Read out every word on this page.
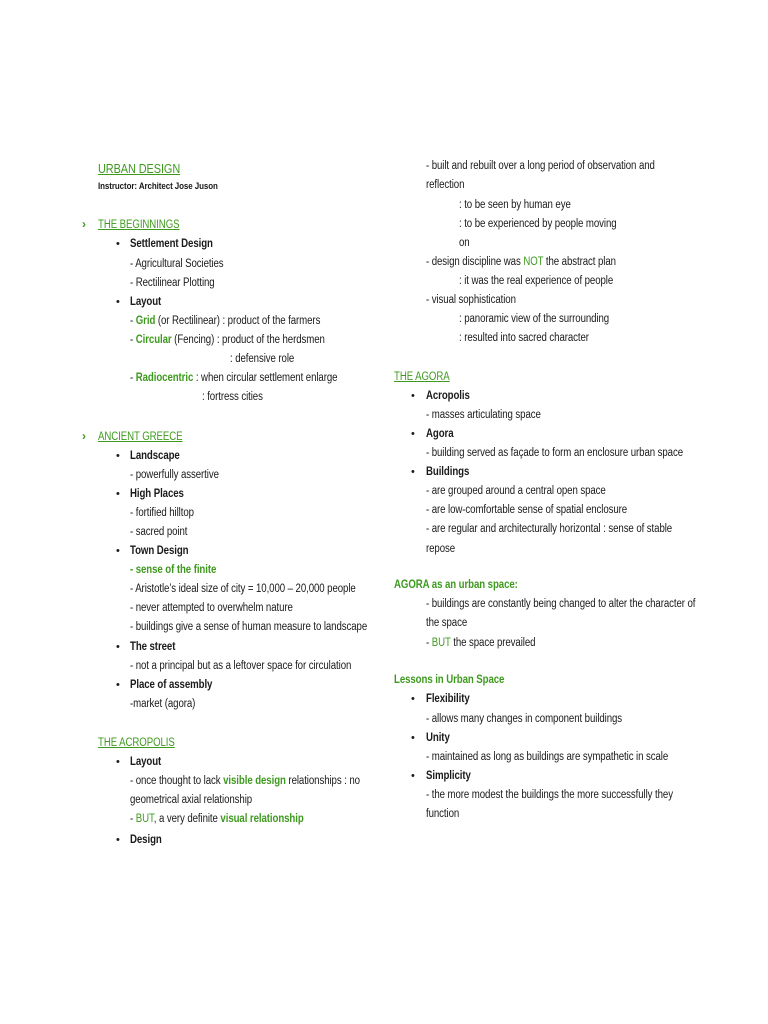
URBAN DESIGN
Instructor: Architect Jose Juson
› THE BEGINNINGS
• Settlement Design
- Agricultural Societies
- Rectilinear Plotting
• Layout
- Grid (or Rectilinear) : product of the farmers
- Circular (Fencing) : product of the herdsmen
: defensive role
- Radiocentric : when circular settlement enlarge
: fortress cities
› ANCIENT GREECE
• Landscape
- powerfully assertive
• High Places
- fortified hilltop
- sacred point
• Town Design
- sense of the finite
- Aristotle’s ideal size of city = 10,000 – 20,000 people
- never attempted to overwhelm nature
- buildings give a sense of human measure to landscape
• The street
- not a principal but as a leftover space for circulation
• Place of assembly
-market (agora)
THE ACROPOLIS
• Layout
- once thought to lack visible design relationships : no
geometrical axial relationship
- BUT, a very definite visual relationship
• Design
- built and rebuilt over a long period of observation and
reflection
: to be seen by human eye
: to be experienced by people moving
on
- design discipline was NOT the abstract plan
: it was the real experience of people
- visual sophistication
: panoramic view of the surrounding
: resulted into sacred character
THE AGORA
• Acropolis
- masses articulating space
• Agora
- building served as façade to form an enclosure urban space
• Buildings
- are grouped around a central open space
- are low-comfortable sense of spatial enclosure
- are regular and architecturally horizontal : sense of stable
repose
AGORA as an urban space:
- buildings are constantly being changed to alter the character of
the space
- BUT the space prevailed
Lessons in Urban Space
• Flexibility
- allows many changes in component buildings
• Unity
- maintained as long as buildings are sympathetic in scale
• Simplicity
- the more modest the buildings the more successfully they
function
